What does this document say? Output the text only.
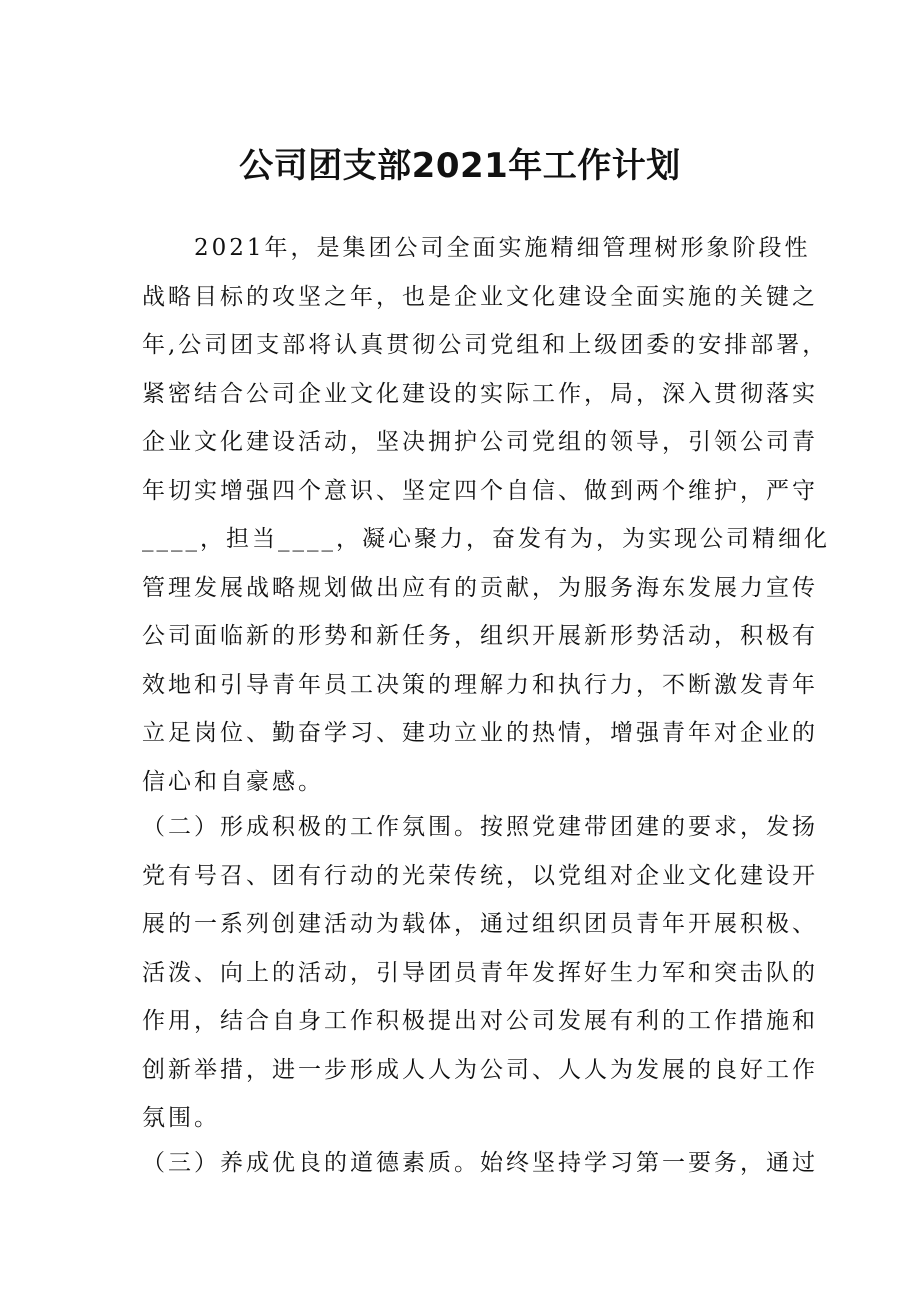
公司团支部2021年工作计划
　　2021年，是集团公司全面实施精细管理树形象阶段性
战略目标的攻坚之年，也是企业文化建设全面实施的关键之
年,公司团支部将认真贯彻公司党组和上级团委的安排部署，
紧密结合公司企业文化建设的实际工作，局，深入贯彻落实
企业文化建设活动，坚决拥护公司党组的领导，引领公司青
年切实增强四个意识、坚定四个自信、做到两个维护，严守
____，担当____，凝心聚力，奋发有为，为实现公司精细化
管理发展战略规划做出应有的贡献，为服务海东发展力宣传
公司面临新的形势和新任务，组织开展新形势活动，积极有
效地和引导青年员工决策的理解力和执行力，不断激发青年
立足岗位、勤奋学习、建功立业的热情，增强青年对企业的
信心和自豪感。
（二）形成积极的工作氛围。按照党建带团建的要求，发扬
党有号召、团有行动的光荣传统，以党组对企业文化建设开
展的一系列创建活动为载体，通过组织团员青年开展积极、
活泼、向上的活动，引导团员青年发挥好生力军和突击队的
作用，结合自身工作积极提出对公司发展有利的工作措施和
创新举措，进一步形成人人为公司、人人为发展的良好工作
氛围。
（三）养成优良的道德素质。始终坚持学习第一要务，通过
